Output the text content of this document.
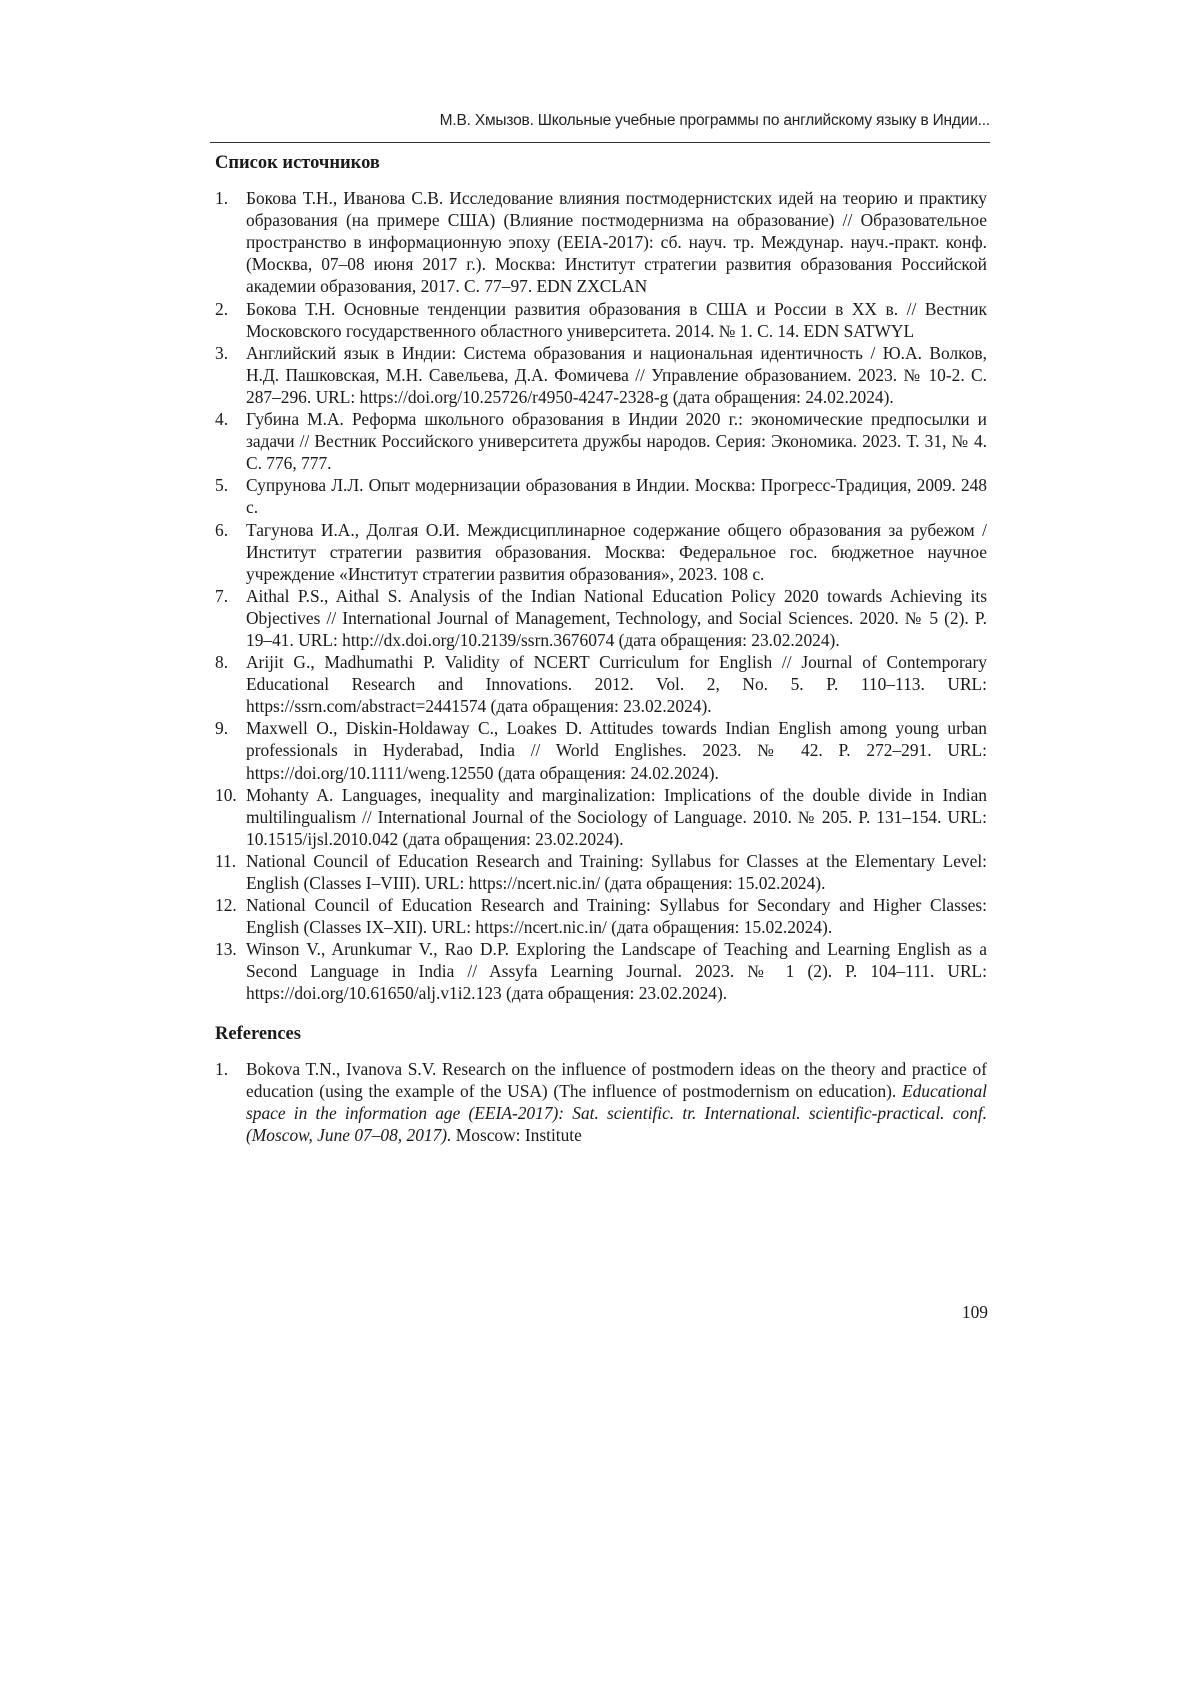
М.В. Хмызов. Школьные учебные программы по английскому языку в Индии...
Список источников
1. Бокова Т.Н., Иванова С.В. Исследование влияния постмодернистских идей на теорию и практику образования (на примере США) (Влияние постмодернизма на образование) // Образовательное пространство в информационную эпоху (EEIA-2017): сб. науч. тр. Междунар. науч.-практ. конф. (Москва, 07–08 июня 2017 г.). Москва: Институт стратегии развития образования Российской академии образования, 2017. С. 77–97. EDN ZXCLAN
2. Бокова Т.Н. Основные тенденции развития образования в США и России в XX в. // Вестник Московского государственного областного университета. 2014. № 1. С. 14. EDN SATWYL
3. Английский язык в Индии: Система образования и национальная идентичность / Ю.А. Волков, Н.Д. Пашковская, М.Н. Савельева, Д.А. Фомичева // Управление образованием. 2023. № 10-2. С. 287–296. URL: https://doi.org/10.25726/r4950-4247-2328-g (дата обращения: 24.02.2024).
4. Губина М.А. Реформа школьного образования в Индии 2020 г.: экономические предпосылки и задачи // Вестник Российского университета дружбы народов. Серия: Экономика. 2023. Т. 31, № 4. С. 776, 777.
5. Супрунова Л.Л. Опыт модернизации образования в Индии. Москва: Прогресс-Традиция, 2009. 248 с.
6. Тагунова И.А., Долгая О.И. Междисциплинарное содержание общего образования за рубежом / Институт стратегии развития образования. Москва: Федеральное гос. бюджетное научное учреждение «Институт стратегии развития образования», 2023. 108 с.
7. Aithal P.S., Aithal S. Analysis of the Indian National Education Policy 2020 towards Achieving its Objectives // International Journal of Management, Technology, and Social Sciences. 2020. № 5 (2). P. 19–41. URL: http://dx.doi.org/10.2139/ssrn.3676074 (дата обращения: 23.02.2024).
8. Arijit G., Madhumathi P. Validity of NCERT Curriculum for English // Journal of Contemporary Educational Research and Innovations. 2012. Vol. 2, No. 5. P. 110–113. URL: https://ssrn.com/abstract=2441574 (дата обращения: 23.02.2024).
9. Maxwell O., Diskin-Holdaway C., Loakes D. Attitudes towards Indian English among young urban professionals in Hyderabad, India // World Englishes. 2023. № 42. P. 272–291. URL: https://doi.org/10.1111/weng.12550 (дата обращения: 24.02.2024).
10. Mohanty A. Languages, inequality and marginalization: Implications of the double divide in Indian multilingualism // International Journal of the Sociology of Language. 2010. № 205. P. 131–154. URL: 10.1515/ijsl.2010.042 (дата обращения: 23.02.2024).
11. National Council of Education Research and Training: Syllabus for Classes at the Elementary Level: English (Classes I–VIII). URL: https://ncert.nic.in/ (дата обращения: 15.02.2024).
12. National Council of Education Research and Training: Syllabus for Secondary and Higher Classes: English (Classes IX–XII). URL: https://ncert.nic.in/ (дата обращения: 15.02.2024).
13. Winson V., Arunkumar V., Rao D.P. Exploring the Landscape of Teaching and Learning English as a Second Language in India // Assyfa Learning Journal. 2023. № 1 (2). P. 104–111. URL: https://doi.org/10.61650/alj.v1i2.123 (дата обращения: 23.02.2024).
References
1. Bokova T.N., Ivanova S.V. Research on the influence of postmodern ideas on the theory and practice of education (using the example of the USA) (The influence of postmodernism on education). Educational space in the information age (EEIA-2017): Sat. scientific. tr. International. scientific-practical. conf. (Moscow, June 07–08, 2017). Moscow: Institute
109
